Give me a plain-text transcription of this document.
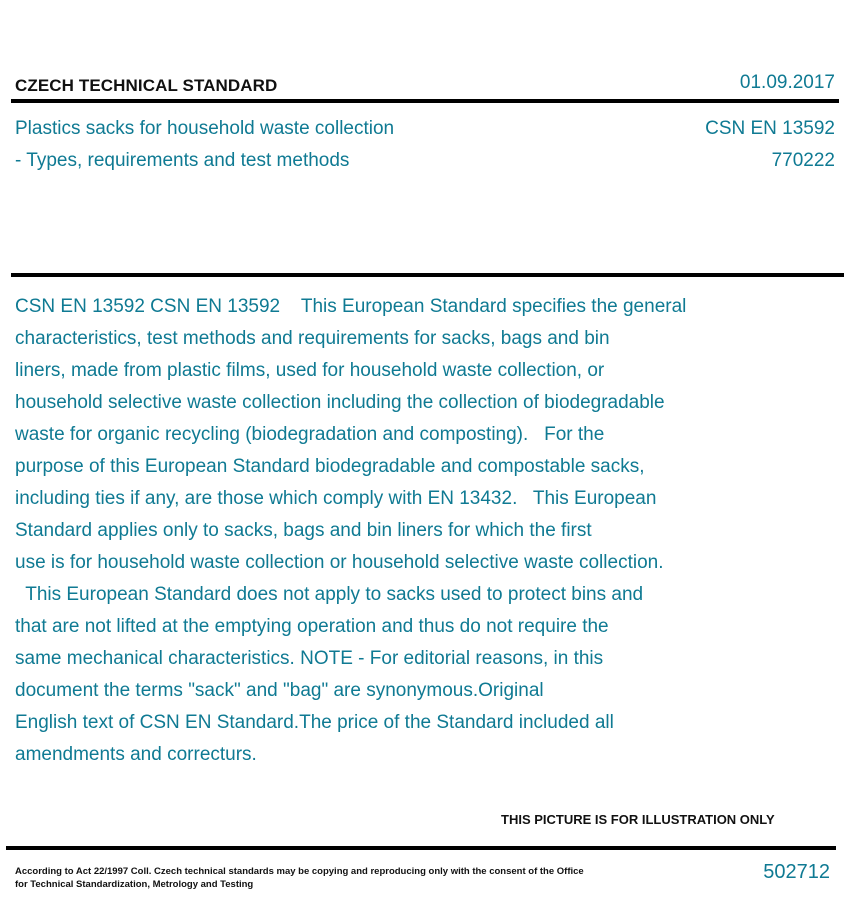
CZECH TECHNICAL STANDARD	01.09.2017
Plastics sacks for household waste collection
- Types, requirements and test methods
CSN EN 13592
770222
CSN EN 13592 CSN EN 13592    This European Standard specifies the general
characteristics, test methods and requirements for sacks, bags and bin
liners, made from plastic films, used for household waste collection, or
household selective waste collection including the collection of biodegradable
waste for organic recycling (biodegradation and composting).   For the
purpose of this European Standard biodegradable and compostable sacks,
including ties if any, are those which comply with EN 13432.   This European
Standard applies only to sacks, bags and bin liners for which the first
use is for household waste collection or household selective waste collection.
This European Standard does not apply to sacks used to protect bins and
that are not lifted at the emptying operation and thus do not require the
same mechanical characteristics. NOTE - For editorial reasons, in this
document the terms "sack" and "bag" are synonymous.Original
English text of CSN EN Standard.The price of the Standard included all
amendments and correcturs.
THIS PICTURE IS FOR ILLUSTRATION ONLY
According to Act 22/1997 Coll. Czech technical standards may be copying and reproducing only with the consent of the Office
for Technical Standardization, Metrology and Testing
502712
